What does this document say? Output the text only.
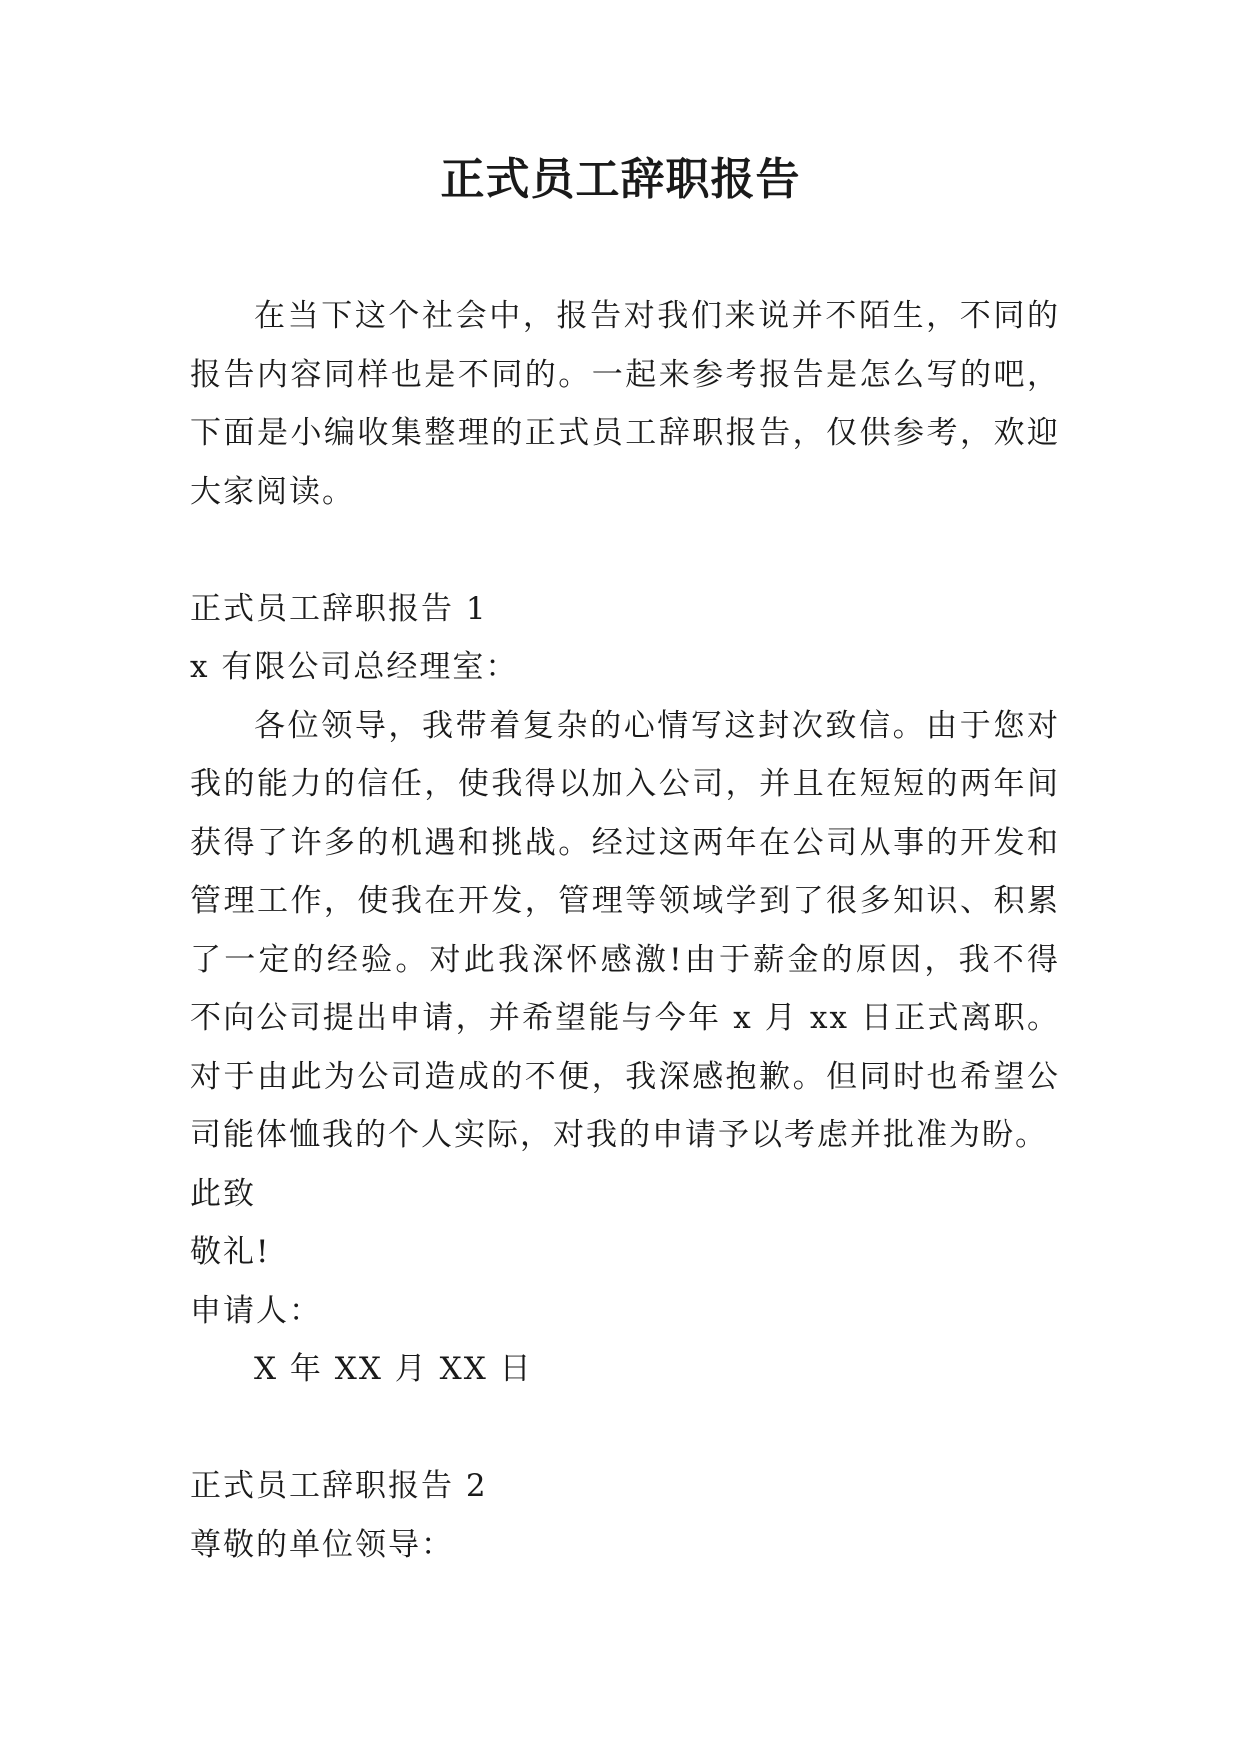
正式员工辞职报告

在当下这个社会中，报告对我们来说并不陌生，不同的报告内容同样也是不同的。一起来参考报告是怎么写的吧，下面是小编收集整理的正式员工辞职报告，仅供参考，欢迎大家阅读。

正式员工辞职报告 1

x 有限公司总经理室：

各位领导，我带着复杂的心情写这封次致信。由于您对我的能力的信任，使我得以加入公司，并且在短短的两年间获得了许多的机遇和挑战。经过这两年在公司从事的开发和管理工作，使我在开发，管理等领域学到了很多知识、积累了一定的经验。对此我深怀感激!由于薪金的原因，我不得不向公司提出申请，并希望能与今年 x 月 xx 日正式离职。对于由此为公司造成的不便，我深感抱歉。但同时也希望公司能体恤我的个人实际，对我的申请予以考虑并批准为盼。

此致

敬礼!

申请人：

X 年 XX 月 XX 日

正式员工辞职报告 2

尊敬的单位领导：
